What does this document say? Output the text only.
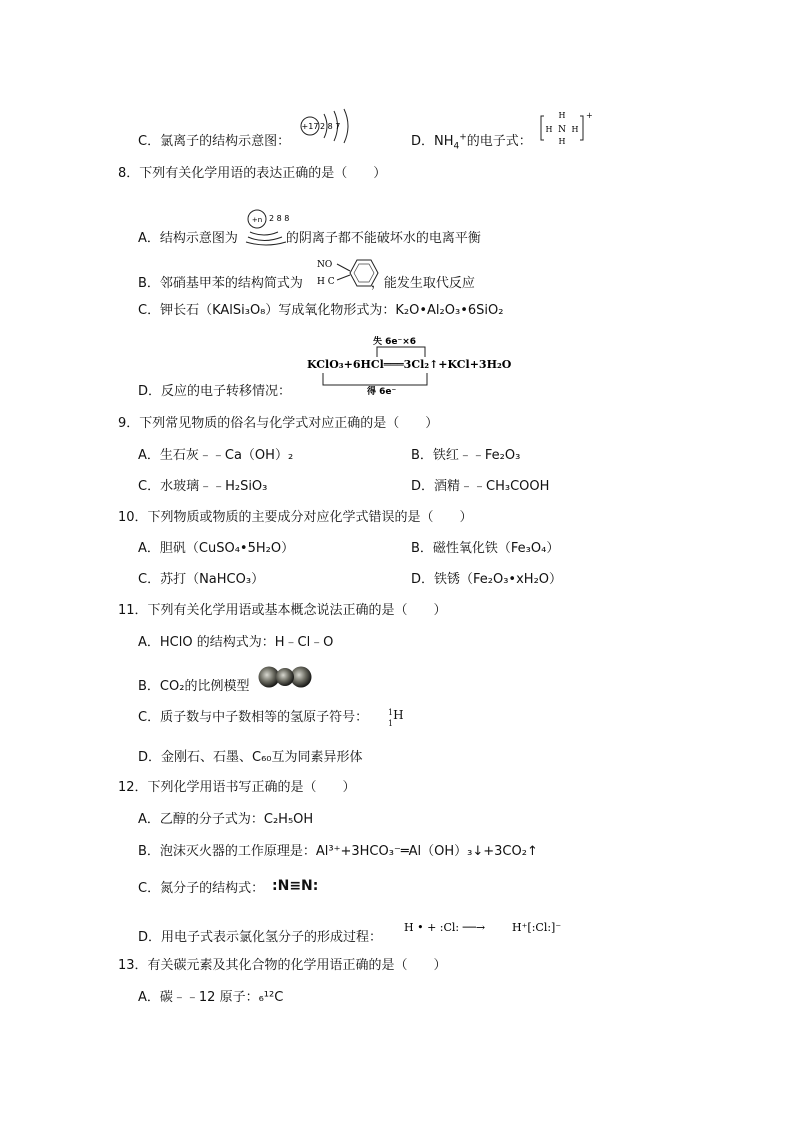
C．氯离子的结构示意图：
+17 2 8 7
D．$NH_4^+$的电子式：
N
H
H
H H
+
8．下列有关化学用语的表达正确的是（　　）
A．结构示意图为	的阴离子都不能破坏水的电离平衡
+n 2 8 8
B．邻硝基甲苯的结构简式为	，能发生取代反应
NO
H C
C．钾长石（KAlSi₃O₈）写成氧化物形式为：K₂O•Al₂O₃•6SiO₂
D．反应的电子转移情况：
失 6e⁻×6
KClO₃+6HCl═══3Cl₂↑+KCl+3H₂O
得 6e⁻
9．下列常见物质的俗名与化学式对应正确的是（　　）
A．生石灰﹣﹣Ca（OH）₂	B．铁红﹣﹣Fe₂O₃
C．水玻璃﹣﹣H₂SiO₃	D．酒精﹣﹣CH₃COOH
10．下列物质或物质的主要成分对应化学式错误的是（　　）
A．胆矾（CuSO₄•5H₂O）	B．磁性氧化铁（Fe₃O₄）
C．苏打（NaHCO₃）	D．铁锈（Fe₂O₃•xH₂O）
11．下列有关化学用语或基本概念说法正确的是（　　）
A．HClO 的结构式为：H﹣Cl﹣O
B．CO₂的比例模型
C．质子数与中子数相等的氢原子符号： 1
1
H
D．金刚石、石墨、C₆₀互为同素异形体
12．下列化学用语书写正确的是（　　）
A．乙醇的分子式为：C₂H₅OH
B．泡沫灭火器的工作原理是：Al³⁺+3HCO₃⁻═Al（OH）₃↓+3CO₂↑
C．氮分子的结构式： :N≡N:
D．用电子式表示氯化氢分子的形成过程：
H • + :Cl: ──→ H⁺[:Cl:]⁻
13．有关碳元素及其化合物的化学用语正确的是（　　）
A．碳﹣﹣12 原子：₆¹²C
